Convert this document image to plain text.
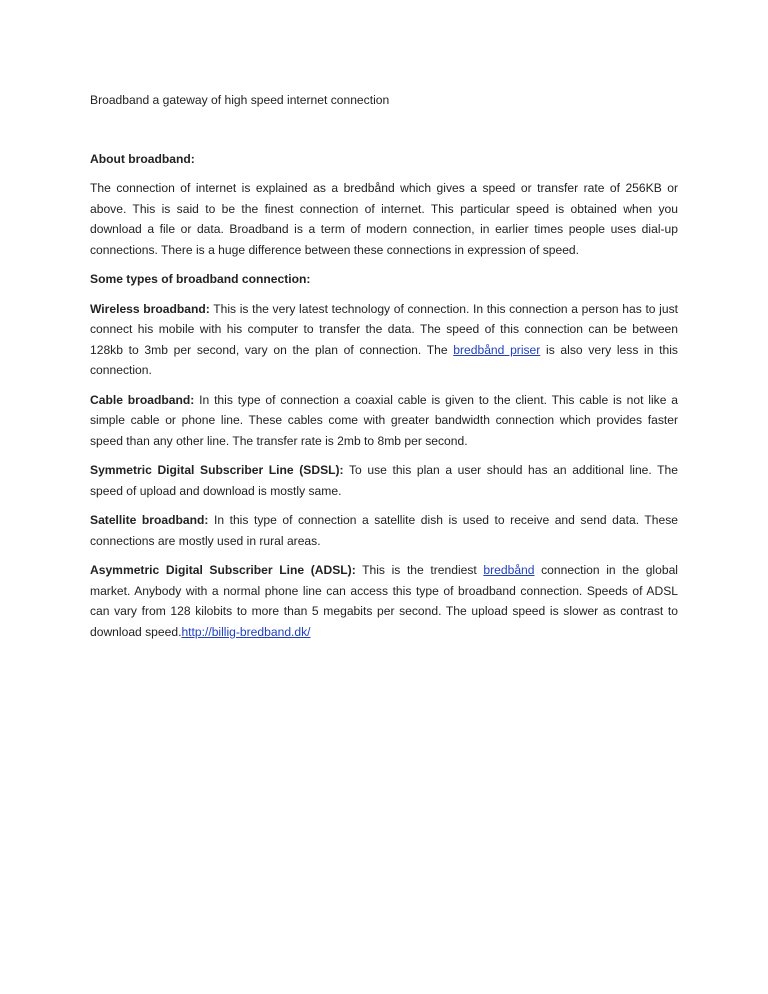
Broadband a gateway of high speed internet connection

About broadband:

The connection of internet is explained as a bredbånd which gives a speed or transfer rate of 256KB or above. This is said to be the finest connection of internet. This particular speed is obtained when you download a file or data. Broadband is a term of modern connection, in earlier times people uses dial-up connections. There is a huge difference between these connections in expression of speed.

Some types of broadband connection:

Wireless broadband: This is the very latest technology of connection. In this connection a person has to just connect his mobile with his computer to transfer the data. The speed of this connection can be between 128kb to 3mb per second, vary on the plan of connection. The bredbånd priser is also very less in this connection.

Cable broadband: In this type of connection a coaxial cable is given to the client. This cable is not like a simple cable or phone line. These cables come with greater bandwidth connection which provides faster speed than any other line. The transfer rate is 2mb to 8mb per second.

Symmetric Digital Subscriber Line (SDSL): To use this plan a user should has an additional line. The speed of upload and download is mostly same.

Satellite broadband: In this type of connection a satellite dish is used to receive and send data. These connections are mostly used in rural areas.

Asymmetric Digital Subscriber Line (ADSL): This is the trendiest bredbånd connection in the global market. Anybody with a normal phone line can access this type of broadband connection. Speeds of ADSL can vary from 128 kilobits to more than 5 megabits per second. The upload speed is slower as contrast to download speed.http://billig-bredband.dk/
